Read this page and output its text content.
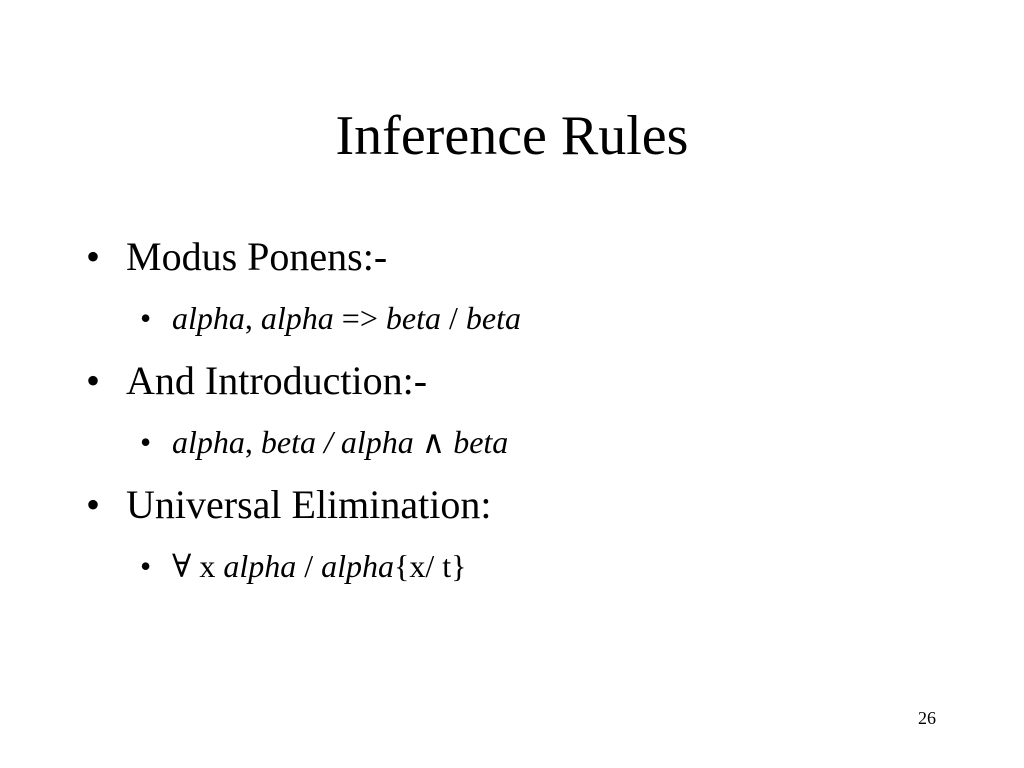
Inference Rules
• Modus Ponens:-
• alpha, alpha => beta / beta
• And Introduction:-
• alpha, beta / alpha ∧ beta
• Universal Elimination:
• ∀ x alpha / alpha{x/ t}
26
